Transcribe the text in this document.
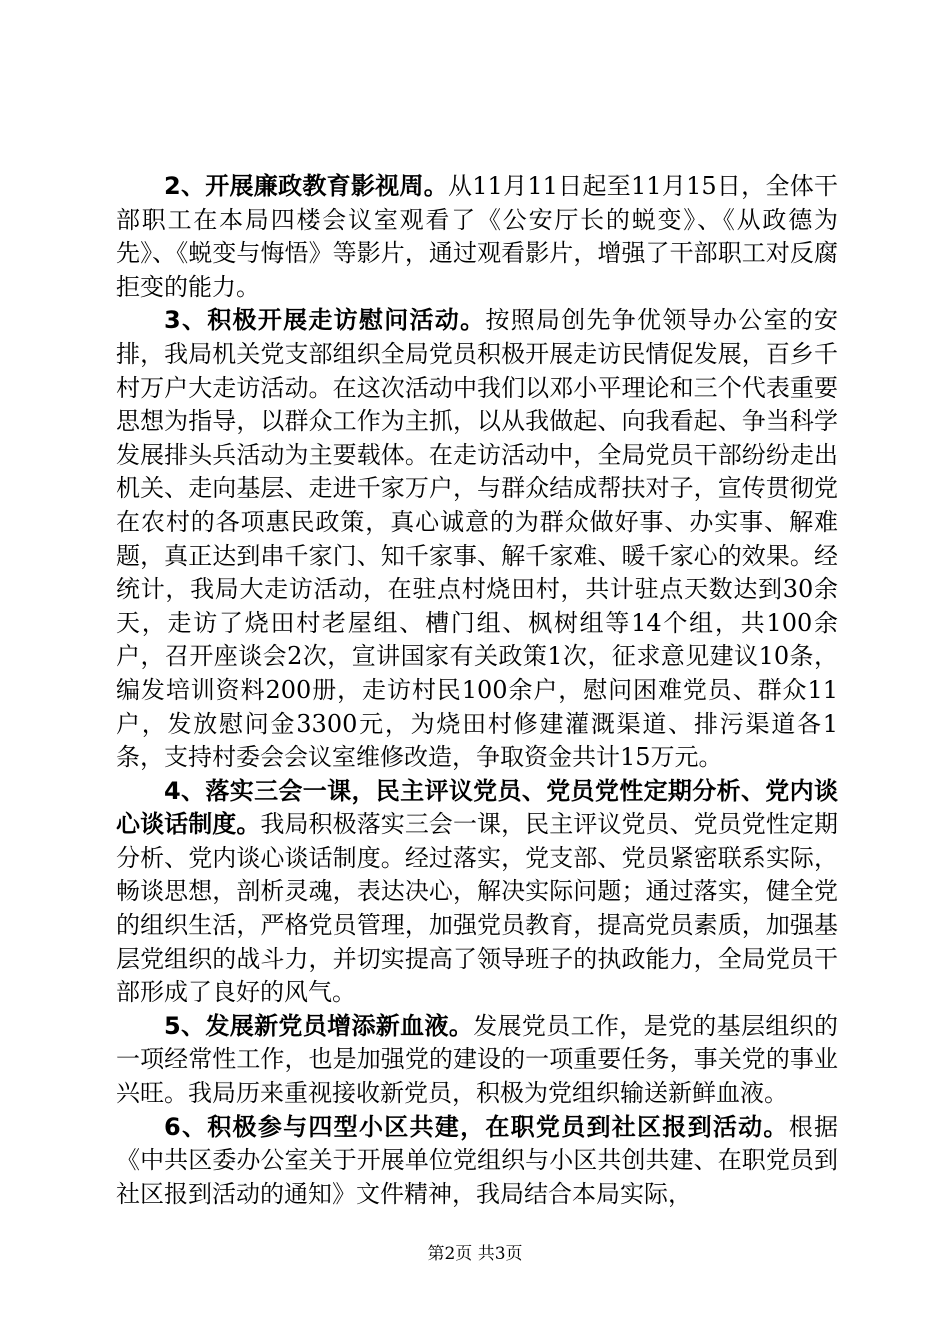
2、开展廉政教育影视周。从11月11日起至11月15日，全体干部职工在本局四楼会议室观看了《公安厅长的蜕变》、《从政德为先》、《蜕变与悔悟》等影片，通过观看影片，增强了干部职工对反腐拒变的能力。

3、积极开展走访慰问活动。按照局创先争优领导办公室的安排，我局机关党支部组织全局党员积极开展走访民情促发展，百乡千村万户大走访活动。在这次活动中我们以邓小平理论和三个代表重要思想为指导，以群众工作为主抓，以从我做起、向我看起、争当科学发展排头兵活动为主要载体。在走访活动中，全局党员干部纷纷走出机关、走向基层、走进千家万户，与群众结成帮扶对子，宣传贯彻党在农村的各项惠民政策，真心诚意的为群众做好事、办实事、解难题，真正达到串千家门、知千家事、解千家难、暖千家心的效果。经统计，我局大走访活动，在驻点村烧田村，共计驻点天数达到30余天，走访了烧田村老屋组、槽门组、枫树组等14个组，共100余户，召开座谈会2次，宣讲国家有关政策1次，征求意见建议10条，编发培训资料200册，走访村民100余户，慰问困难党员、群众11户，发放慰问金3300元，为烧田村修建灌溉渠道、排污渠道各1条，支持村委会会议室维修改造，争取资金共计15万元。

4、落实三会一课，民主评议党员、党员党性定期分析、党内谈心谈话制度。我局积极落实三会一课，民主评议党员、党员党性定期分析、党内谈心谈话制度。经过落实，党支部、党员紧密联系实际，畅谈思想，剖析灵魂，表达决心，解决实际问题；通过落实，健全党的组织生活，严格党员管理，加强党员教育，提高党员素质，加强基层党组织的战斗力，并切实提高了领导班子的执政能力，全局党员干部形成了良好的风气。

5、发展新党员增添新血液。发展党员工作，是党的基层组织的一项经常性工作，也是加强党的建设的一项重要任务，事关党的事业兴旺。我局历来重视接收新党员，积极为党组织输送新鲜血液。

6、积极参与四型小区共建，在职党员到社区报到活动。根据《中共区委办公室关于开展单位党组织与小区共创共建、在职党员到社区报到活动的通知》文件精神，我局结合本局实际，

第2页 共3页
